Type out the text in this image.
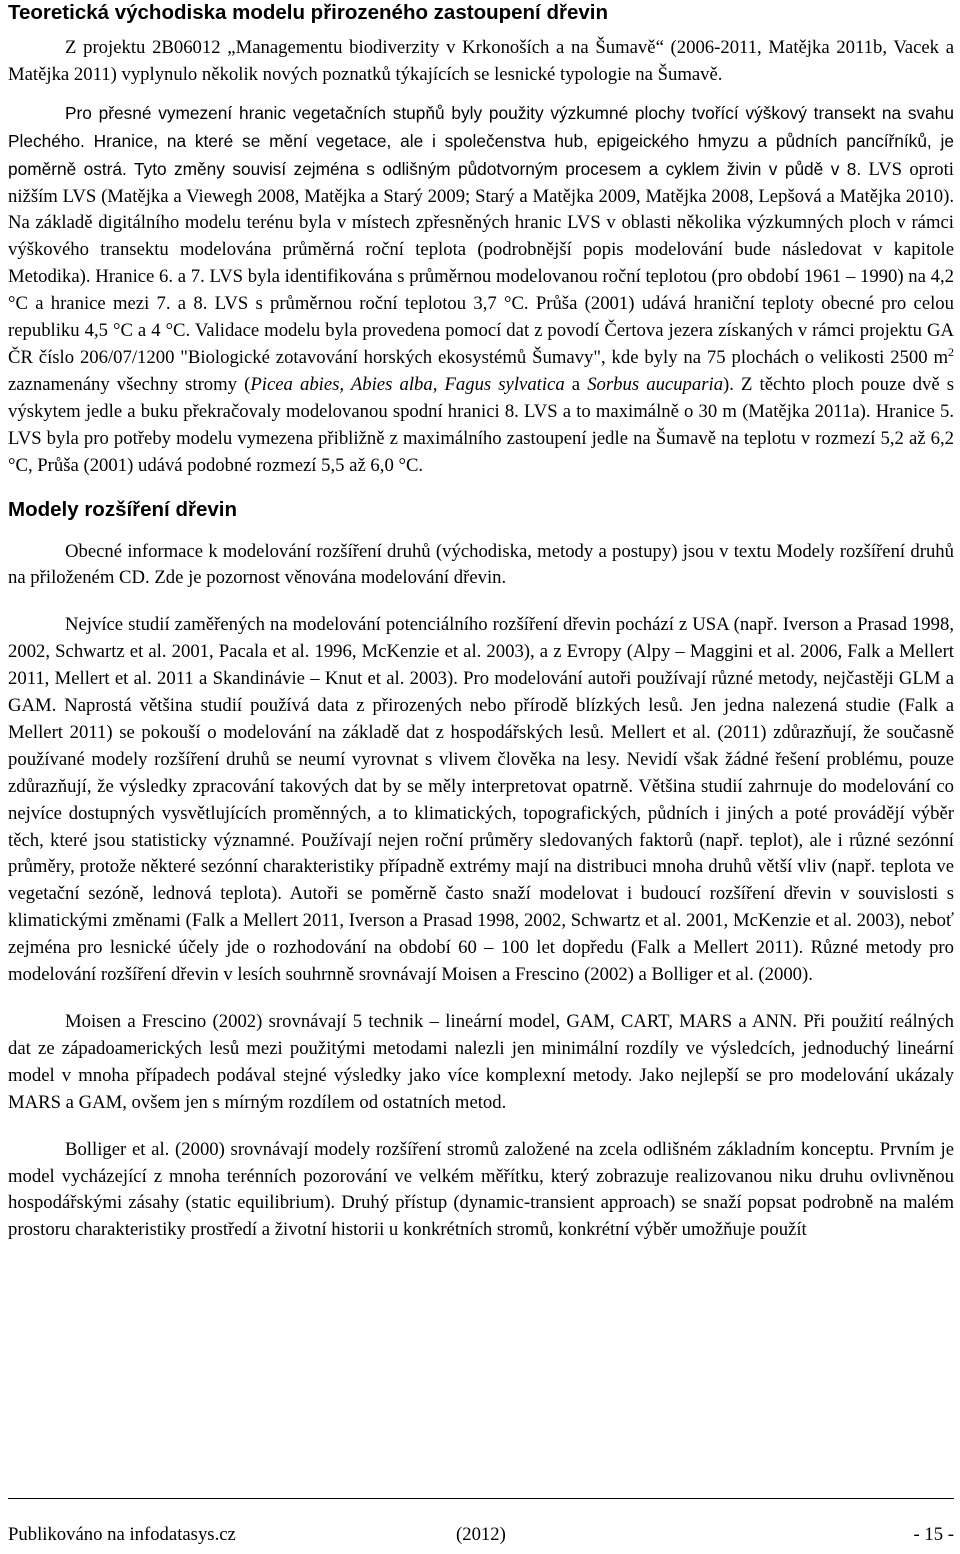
Teoretická východiska modelu přirozeného zastoupení dřevin

Z projektu 2B06012 „Managementu biodiverzity v Krkonoších a na Šumavě“ (2006-2011, Matějka 2011b, Vacek a Matějka 2011) vyplynulo několik nových poznatků týkajících se lesnické typologie na Šumavě.

Pro přesné vymezení hranic vegetačních stupňů byly použity výzkumné plochy tvořící výškový transekt na svahu Plechého. Hranice, na které se mění vegetace, ale i společenstva hub, epigeického hmyzu a půdních pancířníků, je poměrně ostrá. Tyto změny souvisí zejména s odlišným půdotvorným procesem a cyklem živin v půdě v 8. LVS oproti nižším LVS (Matějka a Viewegh 2008, Matějka a Starý 2009; Starý a Matějka 2009, Matějka 2008, Lepšová a Matějka 2010). Na základě digitálního modelu terénu byla v místech zpřesněných hranic LVS v oblasti několika výzkumných ploch v rámci výškového transektu modelována průměrná roční teplota (podrobnější popis modelování bude následovat v kapitole Metodika). Hranice 6. a 7. LVS byla identifikována s průměrnou modelovanou roční teplotou (pro období 1961 – 1990) na 4,2 °C a hranice mezi 7. a 8. LVS s průměrnou roční teplotou 3,7 °C. Průša (2001) udává hraniční teploty obecné pro celou republiku 4,5 °C a 4 °C. Validace modelu byla provedena pomocí dat z povodí Čertova jezera získaných v rámci projektu GA ČR číslo 206/07/1200 "Biologické zotavování horských ekosystémů Šumavy", kde byly na 75 plochách o velikosti 2500 $m^2$ zaznamenány všechny stromy (Picea abies, Abies alba, Fagus sylvatica a Sorbus aucuparia). Z těchto ploch pouze dvě s výskytem jedle a buku překračovaly modelovanou spodní hranici 8. LVS a to maximálně o 30 m (Matějka 2011a). Hranice 5. LVS byla pro potřeby modelu vymezena přibližně z maximálního zastoupení jedle na Šumavě na teplotu v rozmezí 5,2 až 6,2 °C, Průša (2001) udává podobné rozmezí 5,5 až 6,0 °C.

Modely rozšíření dřevin

Obecné informace k modelování rozšíření druhů (východiska, metody a postupy) jsou v textu Modely rozšíření druhů na přiloženém CD. Zde je pozornost věnována modelování dřevin.

Nejvíce studií zaměřených na modelování potenciálního rozšíření dřevin pochází z USA (např. Iverson a Prasad 1998, 2002, Schwartz et al. 2001, Pacala et al. 1996, McKenzie et al. 2003), a z Evropy (Alpy – Maggini et al. 2006, Falk a Mellert 2011, Mellert et al. 2011 a Skandinávie – Knut et al. 2003). Pro modelování autoři používají různé metody, nejčastěji GLM a GAM. Naprostá většina studií používá data z přirozených nebo přírodě blízkých lesů. Jen jedna nalezená studie (Falk a Mellert 2011) se pokouší o modelování na základě dat z hospodářských lesů. Mellert et al. (2011) zdůrazňují, že současně používané modely rozšíření druhů se neumí vyrovnat s vlivem člověka na lesy. Nevidí však žádné řešení problému, pouze zdůrazňují, že výsledky zpracování takových dat by se měly interpretovat opatrně. Většina studií zahrnuje do modelování co nejvíce dostupných vysvětlujících proměnných, a to klimatických, topografických, půdních i jiných a poté provádějí výběr těch, které jsou statisticky významné. Používají nejen roční průměry sledovaných faktorů (např. teplot), ale i různé sezónní průměry, protože některé sezónní charakteristiky případně extrémy mají na distribuci mnoha druhů větší vliv (např. teplota ve vegetační sezóně, lednová teplota). Autoři se poměrně často snaží modelovat i budoucí rozšíření dřevin v souvislosti s klimatickými změnami (Falk a Mellert 2011, Iverson a Prasad 1998, 2002, Schwartz et al. 2001, McKenzie et al. 2003), neboť zejména pro lesnické účely jde o rozhodování na období 60 – 100 let dopředu (Falk a Mellert 2011). Různé metody pro modelování rozšíření dřevin v lesích souhrnně srovnávají Moisen a Frescino (2002) a Bolliger et al. (2000).

Moisen a Frescino (2002) srovnávají 5 technik – lineární model, GAM, CART, MARS a ANN. Při použití reálných dat ze západoamerických lesů mezi použitými metodami nalezli jen minimální rozdíly ve výsledcích, jednoduchý lineární model v mnoha případech podával stejné výsledky jako více komplexní metody. Jako nejlepší se pro modelování ukázaly MARS a GAM, ovšem jen s mírným rozdílem od ostatních metod.

Bolliger et al. (2000) srovnávají modely rozšíření stromů založené na zcela odlišném základním konceptu. Prvním je model vycházející z mnoha terénních pozorování ve velkém měřítku, který zobrazuje realizovanou niku druhu ovlivněnou hospodářskými zásahy (static equilibrium). Druhý přístup (dynamic-transient approach) se snaží popsat podrobně na malém prostoru charakteristiky prostředí a životní historii u konkrétních stromů, konkrétní výběr umožňuje použít

Publikováno na infodatasys.cz	(2012)	- 15 -
